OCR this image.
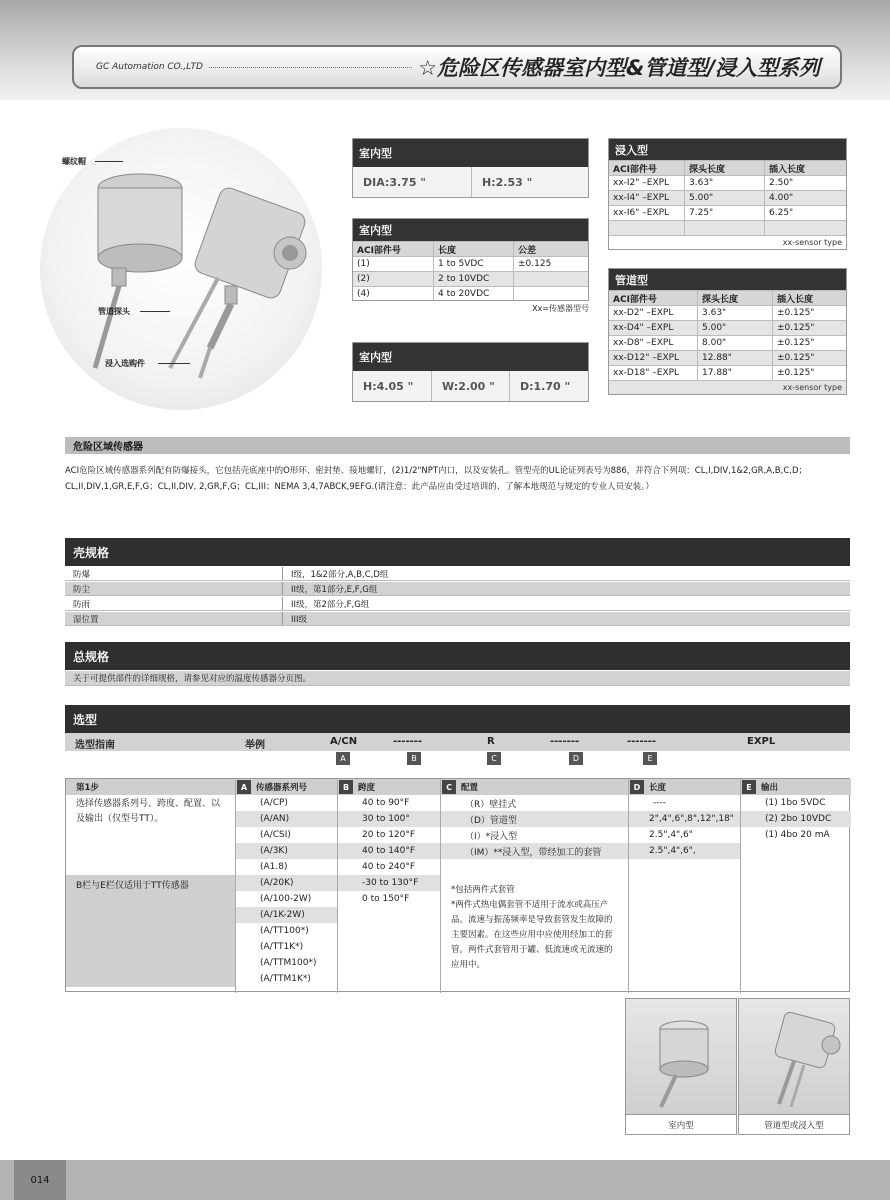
GC Automation CO.,LTD	☆危险区传感器室内型&管道型/浸入型系列
螺纹帽
管道探头
浸入选购件
室内型
DIA:3.75 "	H:2.53 "
室内型
ACI部件号	长度	公差
(1)	1 to 5VDC	±0.125
(2)	2 to 10VDC
(4)	4 to 20VDC
Xx=传感器型号
室内型
H:4.05 "	W:2.00 "	D:1.70 "
浸入型
ACI部件号	探头长度	插入长度
xx-I2" –EXPL	3.63"	2.50"
xx-I4" –EXPL	5.00"	4.00"
xx-I6" –EXPL	7.25"	6.25"
xx-sensor type
管道型
ACI部件号	探头长度	插入长度
xx-D2" –EXPL	3.63"	±0.125"
xx-D4" –EXPL	5.00"	±0.125"
xx-D8" –EXPL	8.00"	±0.125"
xx-D12" –EXPL	12.88"	±0.125"
xx-D18" –EXPL	17.88"	±0.125"
xx-sensor type
危险区域传感器
ACI危险区域传感器系列配有防爆接头，它包括壳底座中的O形环、密封垫、接地螺钉，(2)1/2"NPT内口，以及安装孔。管型壳的UL论证列表号为886，并符合下列项：CL,I,DIV,1&2,GR,A,B,C,D；CL,II,DIV,1,GR,E,F,G；CL,II,DIV, 2,GR,F,G；CL,III；NEMA 3,4,7ABCK,9EFG.(请注意：此产品应由受过培训的、了解本地规范与规定的专业人员安装。）
壳规格
防爆	I级，1&2部分,A,B,C,D组
防尘	II级，第1部分,E,F,G组
防雨	II级，第2部分,F,G组
湿位置	III级
总规格
关于可提供部件的详细规格，请参见对应的温度传感器分页图。
选型
选型指南	举例	A/CN	-------	R	-------	-------	EXPL
A	B	C	D	E
第1步
选择传感器系列号、跨度、配置、以及输出（仅型号TT）。
B栏与E栏仅适用于TT传感器
A	传感器系列号
(A/CP)
(A/AN)
(A/CSI)
(A/3K)
(A1.8)
(A/20K)
(A/100-2W)
(A/1K-2W)
(A/TT100*)
(A/TT1K*)
(A/TTM100*)
(A/TTM1K*)
B	跨度
40 to 90°F
30 to 100°
20 to 120°F
40 to 140°F
40 to 240°F
-30 to 130°F
0 to 150°F
C	配置
（R）壁挂式
（D）管道型
（I）*浸入型
（IM）**浸入型，带经加工的套管
*包括两件式套管
*两件式热电偶套管不适用于流水或高压产品。流速与振荡频率是导致套管发生故障的主要因素。在这些应用中应使用经加工的套管。两件式套管用于罐、低流速或无流速的应用中。
D	长度
----
2",4",6",8",12",18"
2.5",4",6"
2.5",4",6",
E	输出
(1) 1bo 5VDC
(2) 2bo 10VDC
(1) 4bo 20 mA
室内型	管道型或浸入型
014
